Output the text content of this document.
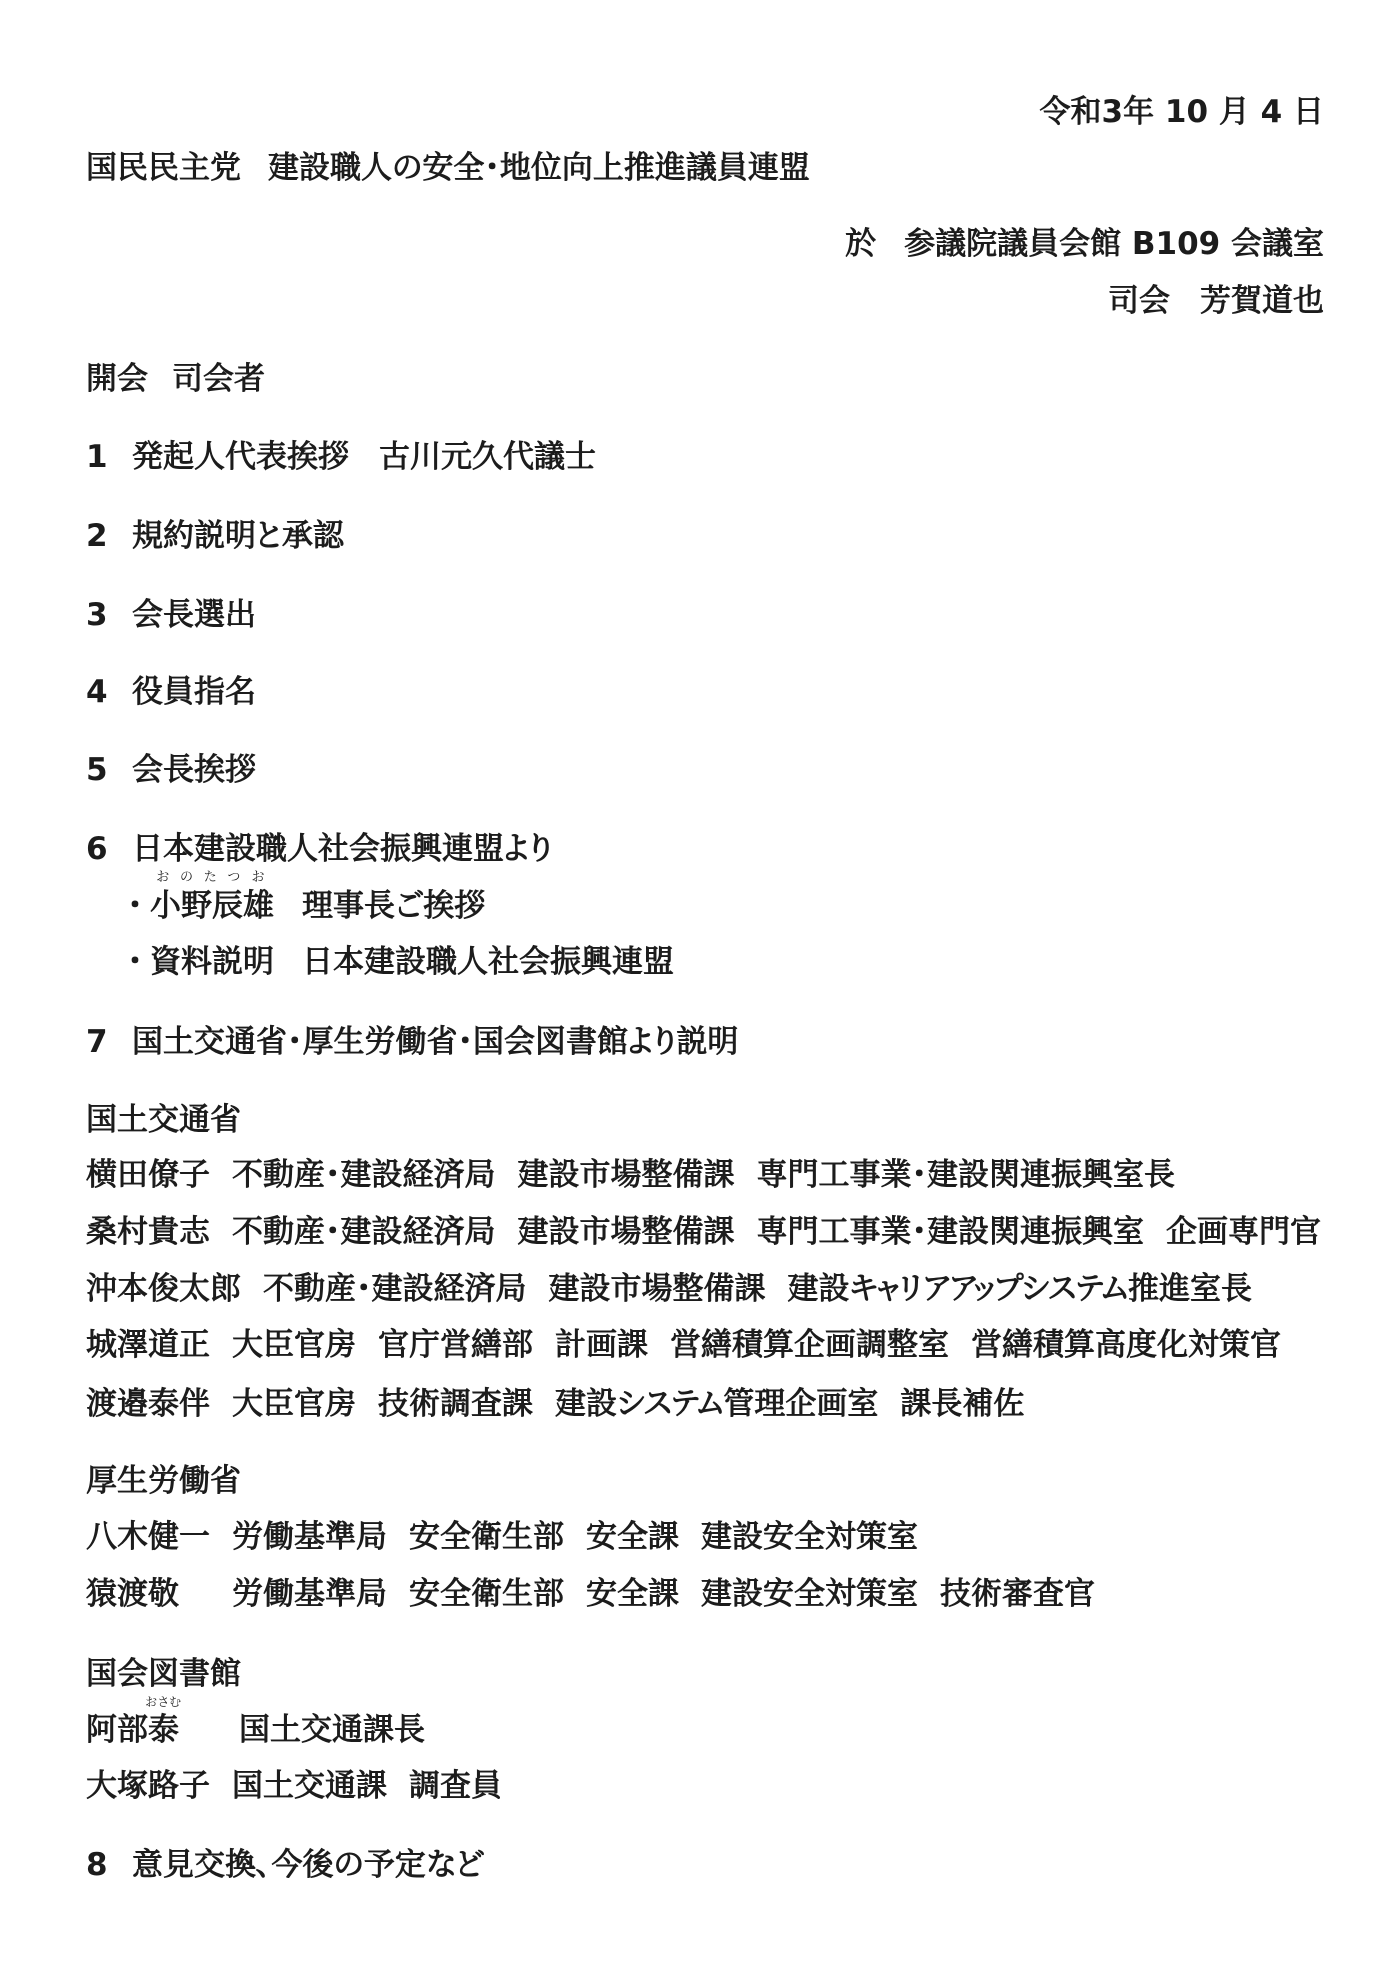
令和3年 10 月 4 日
国民民主党 建設職人の安全・地位向上推進議員連盟
於 参議院議員会館 B109 会議室
司会 芳賀道也
開会 司会者
1 発起人代表挨拶 古川元久代議士
2 規約説明と承認
3 会長選出
4 役員指名
5 会長挨拶
6 日本建設職人社会振興連盟より
・ 小野辰雄
おのたつお
理事長ご挨拶
・ 資料説明 日本建設職人社会振興連盟
7 国土交通省・厚生労働省・国会図書館より説明
国土交通省
横田僚子 不動産・建設経済局 建設市場整備課 専門工事業・建設関連振興室長
桑村貴志 不動産・建設経済局 建設市場整備課 専門工事業・建設関連振興室 企画専門官
沖本俊太郎 不動産・建設経済局 建設市場整備課 建設キャリアアップシステム推進室長
城澤道正 大臣官房 官庁営繕部 計画課 営繕積算企画調整室 営繕積算高度化対策官
渡邉泰伴 大臣官房 技術調査課 建設システム管理企画室 課長補佐
厚生労働省
八木健一 労働基準局 安全衛生部 安全課 建設安全対策室
猿渡敬 労働基準局 安全衛生部 安全課 建設安全対策室 技術審査官
国会図書館
阿部 泰
おさむ
国土交通課長
大塚路子 国土交通課 調査員
8 意見交換、今後の予定など
